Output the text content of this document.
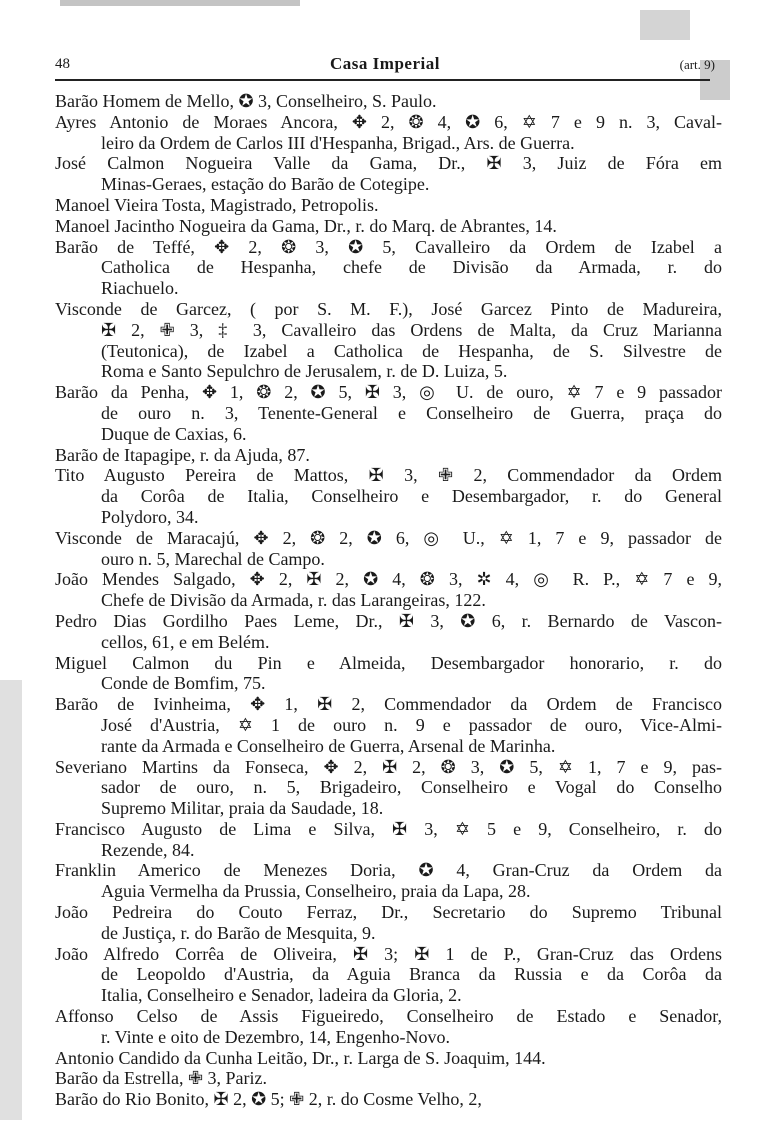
48	Casa Imperial	(art. 9)
Barão Homem de Mello, ✪ 3, Conselheiro, S. Paulo.
Ayres Antonio de Moraes Ancora, ✥ 2, ❂ 4, ✪ 6, ✡ 7 e 9 n. 3, Caval-
leiro da Ordem de Carlos III d'Hespanha, Brigad., Ars. de Guerra.
José Calmon Nogueira Valle da Gama, Dr., ✠ 3, Juiz de Fóra em
Minas-Geraes, estação do Barão de Cotegipe.
Manoel Vieira Tosta, Magistrado, Petropolis.
Manoel Jacintho Nogueira da Gama, Dr., r. do Marq. de Abrantes, 14.
Barão de Teffé, ✥ 2, ❂ 3, ✪ 5, Cavalleiro da Ordem de Izabel a
Catholica de Hespanha, chefe de Divisão da Armada, r. do
Riachuelo.
Visconde de Garcez, ( por S. M. F.), José Garcez Pinto de Madureira,
✠ 2, ✙ 3, ‡ 3, Cavalleiro das Ordens de Malta, da Cruz Marianna
(Teutonica), de Izabel a Catholica de Hespanha, de S. Silvestre de
Roma e Santo Sepulchro de Jerusalem, r. de D. Luiza, 5.
Barão da Penha, ✥ 1, ❂ 2, ✪ 5, ✠ 3, ◎ U. de ouro, ✡ 7 e 9 passador
de ouro n. 3, Tenente-General e Conselheiro de Guerra, praça do
Duque de Caxias, 6.
Barão de Itapagipe, r. da Ajuda, 87.
Tito Augusto Pereira de Mattos, ✠ 3, ✙ 2, Commendador da Ordem
da Corôa de Italia, Conselheiro e Desembargador, r. do General
Polydoro, 34.
Visconde de Maracajú, ✥ 2, ❂ 2, ✪ 6, ◎ U., ✡ 1, 7 e 9, passador de
ouro n. 5, Marechal de Campo.
João Mendes Salgado, ✥ 2, ✠ 2, ✪ 4, ❂ 3, ✲ 4, ◎ R. P., ✡ 7 e 9,
Chefe de Divisão da Armada, r. das Larangeiras, 122.
Pedro Dias Gordilho Paes Leme, Dr., ✠ 3, ✪ 6, r. Bernardo de Vascon-
cellos, 61, e em Belém.
Miguel Calmon du Pin e Almeida, Desembargador honorario, r. do
Conde de Bomfim, 75.
Barão de Ivinheima, ✥ 1, ✠ 2, Commendador da Ordem de Francisco
José d'Austria, ✡ 1 de ouro n. 9 e passador de ouro, Vice-Almi-
rante da Armada e Conselheiro de Guerra, Arsenal de Marinha.
Severiano Martins da Fonseca, ✥ 2, ✠ 2, ❂ 3, ✪ 5, ✡ 1, 7 e 9, pas-
sador de ouro, n. 5, Brigadeiro, Conselheiro e Vogal do Conselho
Supremo Militar, praia da Saudade, 18.
Francisco Augusto de Lima e Silva, ✠ 3, ✡ 5 e 9, Conselheiro, r. do
Rezende, 84.
Franklin Americo de Menezes Doria, ✪ 4, Gran-Cruz da Ordem da
Aguia Vermelha da Prussia, Conselheiro, praia da Lapa, 28.
João Pedreira do Couto Ferraz, Dr., Secretario do Supremo Tribunal
de Justiça, r. do Barão de Mesquita, 9.
João Alfredo Corrêa de Oliveira, ✠ 3; ✠ 1 de P., Gran-Cruz das Ordens
de Leopoldo d'Austria, da Aguia Branca da Russia e da Corôa da
Italia, Conselheiro e Senador, ladeira da Gloria, 2.
Affonso Celso de Assis Figueiredo, Conselheiro de Estado e Senador,
r. Vinte e oito de Dezembro, 14, Engenho-Novo.
Antonio Candido da Cunha Leitão, Dr., r. Larga de S. Joaquim, 144.
Barão da Estrella, ✙ 3, Pariz.
Barão do Rio Bonito, ✠ 2, ✪ 5; ✙ 2, r. do Cosme Velho, 2,
